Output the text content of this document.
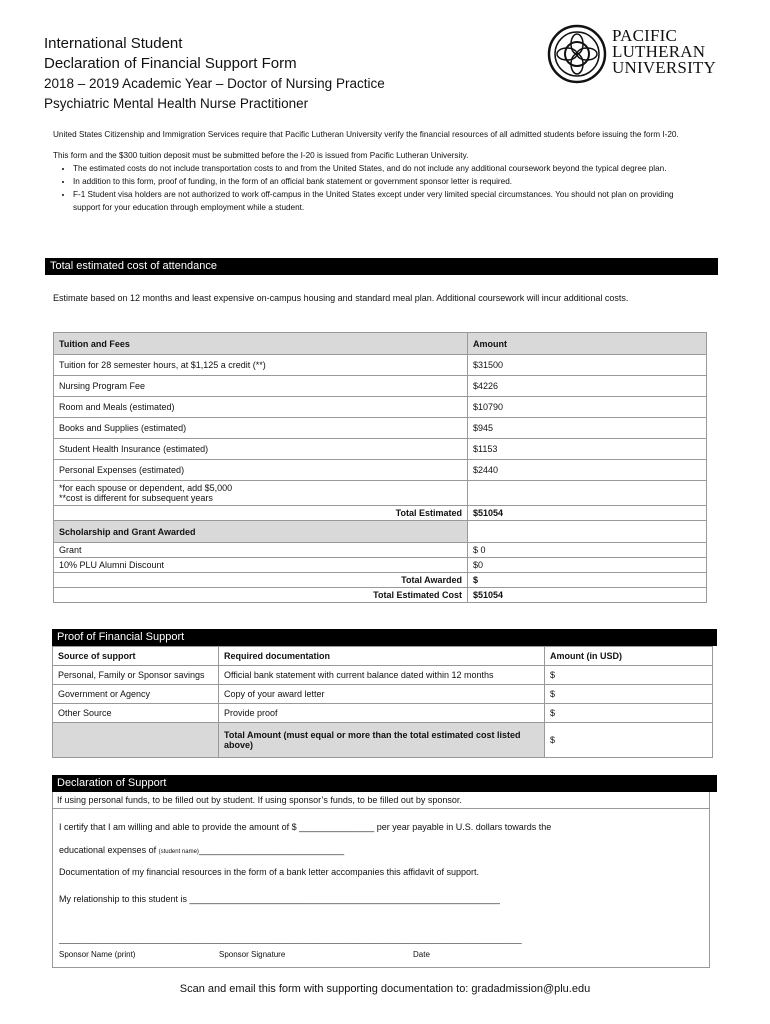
International Student
Declaration of Financial Support Form
2018 – 2019 Academic Year – Doctor of Nursing Practice
Psychiatric Mental Health Nurse Practitioner
PACIFIC
LUTHERAN
UNIVERSITY

United States Citizenship and Immigration Services require that Pacific Lutheran University verify the financial resources of all admitted students before issuing the form I-20.

This form and the $300 tuition deposit must be submitted before the I-20 is issued from Pacific Lutheran University.

• The estimated costs do not include transportation costs to and from the United States, and do not include any additional coursework beyond the typical degree plan.
• In addition to this form, proof of funding, in the form of an official bank statement or government sponsor letter is required.
• F-1 Student visa holders are not authorized to work off-campus in the United States except under very limited special circumstances. You should not plan on providing support for your education through employment while a student.
Total estimated cost of attendance
Estimate based on 12 months and least expensive on-campus housing and standard meal plan. Additional coursework will incur additional costs.
Tuition and Fees	Amount
Tuition for 28 semester hours, at $1,125 a credit (**)	$31500
Nursing Program Fee	$4226
Room and Meals (estimated)	$10790
Books and Supplies (estimated)	$945
Student Health Insurance (estimated)	$1153
Personal Expenses (estimated)	$2440

*for each spouse or dependent, add $5,000
**cost is different for subsequent years	

Total Estimated	$51054
Scholarship and Grant Awarded	
Grant	$ 0
10% PLU Alumni Discount	$0
Total Awarded	$
Total Estimated Cost	$51054
Proof of Financial Support
Source of support	Required documentation	Amount (in USD)
Personal, Family or Sponsor savings	Official bank statement with current balance dated within 12 months	$
Government or Agency	Copy of your award letter	$
Other Source	Provide proof	$
	Total Amount (must equal or more than the total estimated cost listed above)	$
Declaration of Support
If using personal funds, to be filled out by student. If using sponsor’s funds, to be filled out by sponsor.
I certify that I am willing and able to provide the amount of $ _______________ per year payable in U.S. dollars towards the
educational expenses of (student name)_____________________________
Documentation of my financial resources in the form of a bank letter accompanies this affidavit of support.
My relationship to this student is ______________________________________________________________
________________________________________________________________________________________________________
Sponsor Name (print)	Sponsor Signature	Date
Scan and email this form with supporting documentation to: gradadmission@plu.edu
